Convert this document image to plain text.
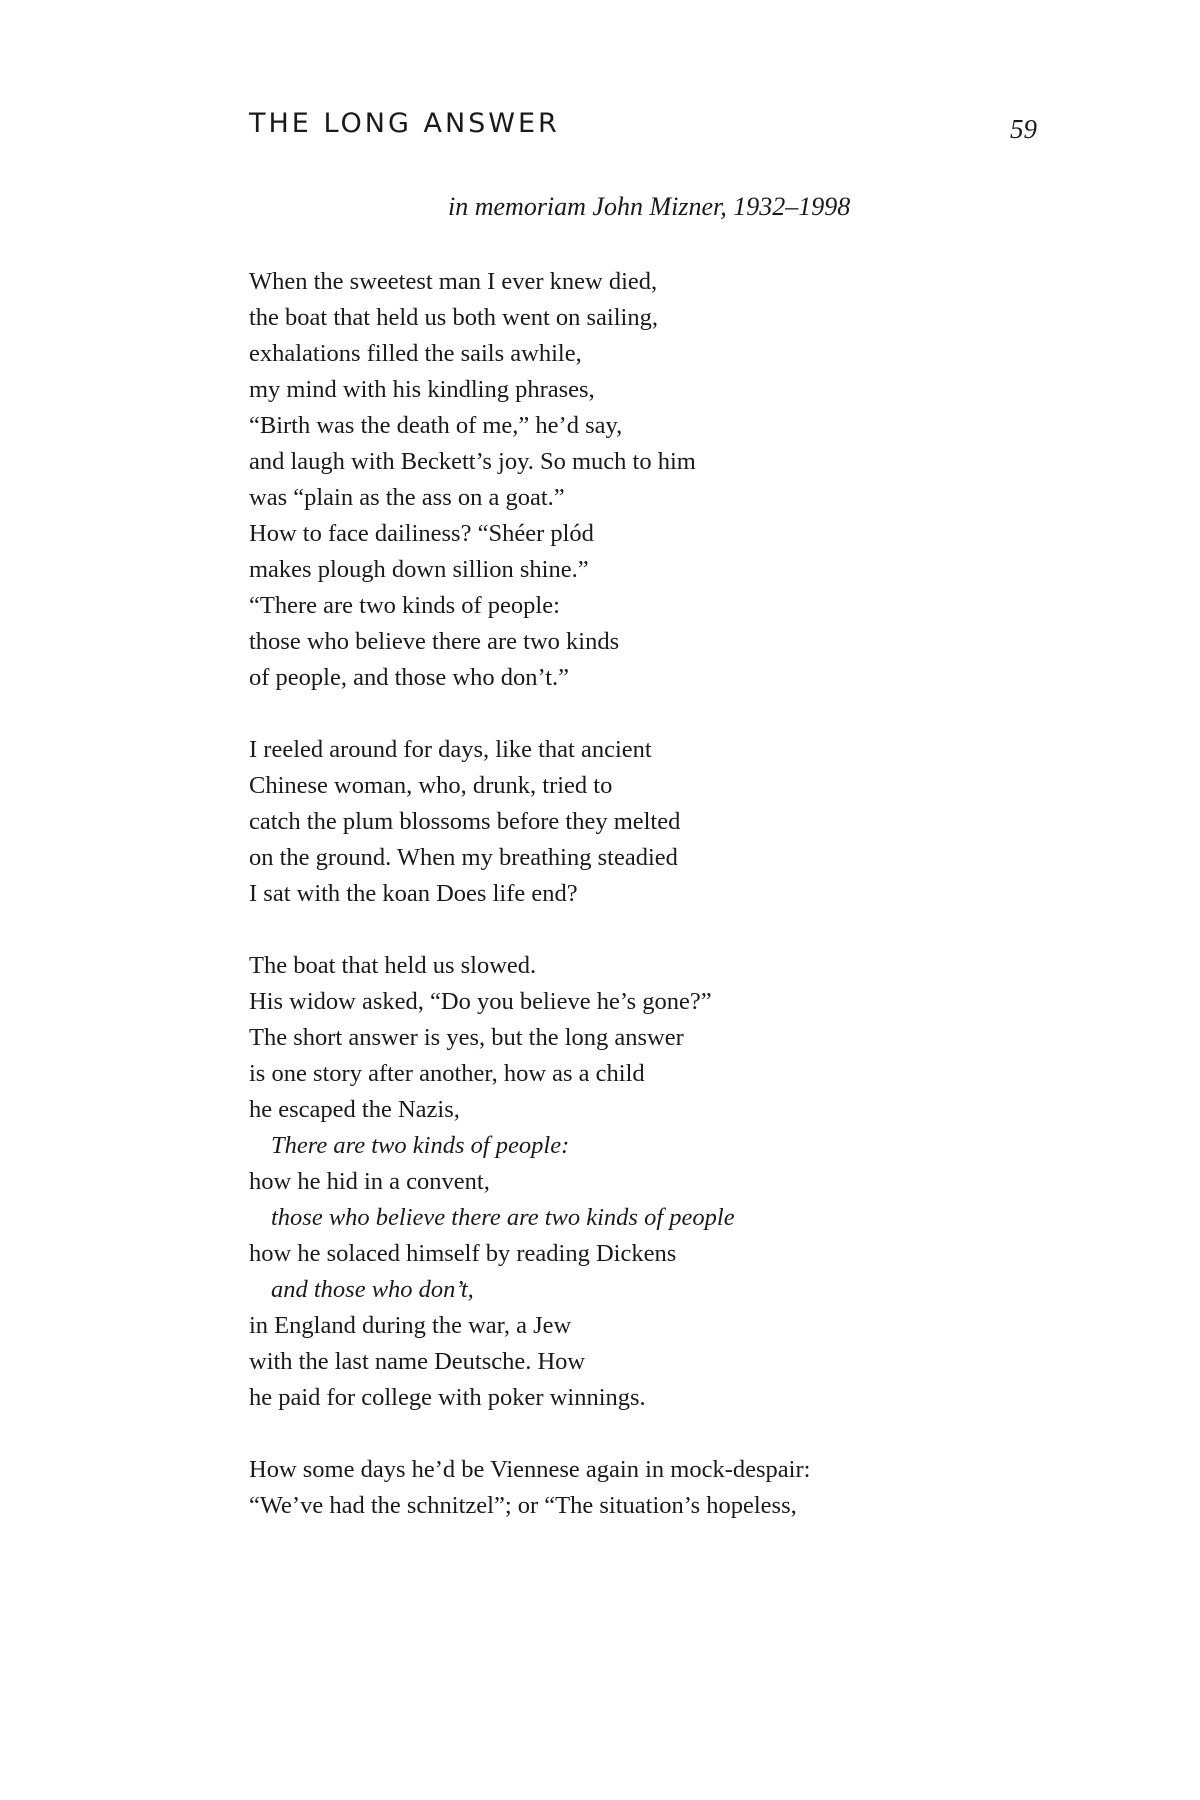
THE LONG ANSWER	59
in memoriam John Mizner, 1932–1998
When the sweetest man I ever knew died,
the boat that held us both went on sailing,
exhalations filled the sails awhile,
my mind with his kindling phrases,
“Birth was the death of me,” he’d say,
and laugh with Beckett’s joy. So much to him
was “plain as the ass on a goat.”
How to face dailiness? “Shéer plód
makes plough down sillion shine.”
“There are two kinds of people:
those who believe there are two kinds
of people, and those who don’t.”
I reeled around for days, like that ancient
Chinese woman, who, drunk, tried to
catch the plum blossoms before they melted
on the ground. When my breathing steadied
I sat with the koan Does life end?
The boat that held us slowed.
His widow asked, “Do you believe he’s gone?”
The short answer is yes, but the long answer
is one story after another, how as a child
he escaped the Nazis,
There are two kinds of people:
how he hid in a convent,
those who believe there are two kinds of people
how he solaced himself by reading Dickens
and those who don’t,
in England during the war, a Jew
with the last name Deutsche. How
he paid for college with poker winnings.
How some days he’d be Viennese again in mock-despair:
“We’ve had the schnitzel”; or “The situation’s hopeless,
